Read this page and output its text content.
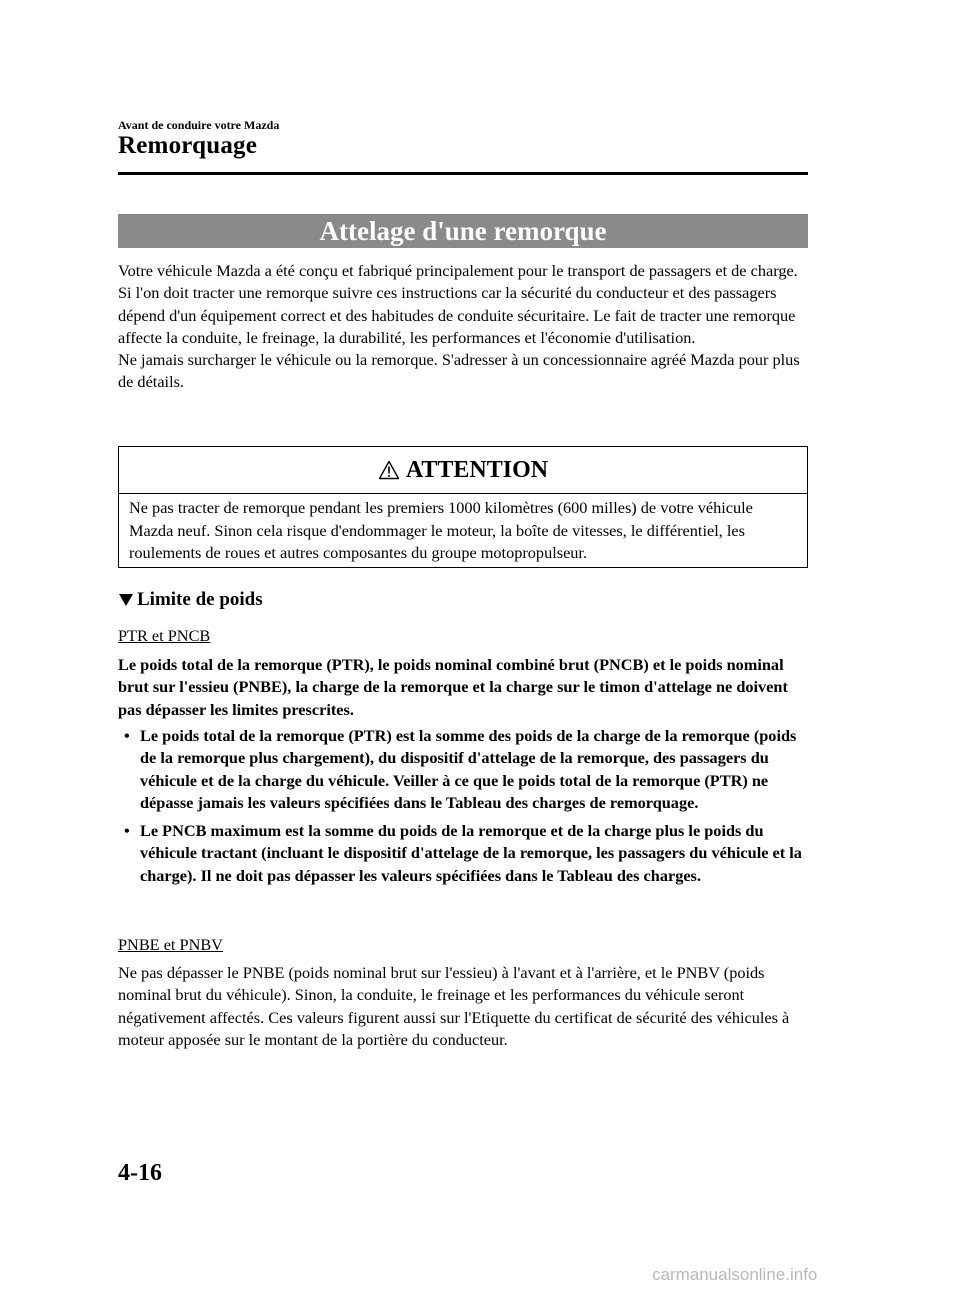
Avant de conduire votre Mazda
Remorquage
Attelage d'une remorque

Votre véhicule Mazda a été conçu et fabriqué principalement pour le transport de passagers et de charge.

Si l'on doit tracter une remorque suivre ces instructions car la sécurité du conducteur et des passagers dépend d'un équipement correct et des habitudes de conduite sécuritaire. Le fait de tracter une remorque affecte la conduite, le freinage, la durabilité, les performances et l'économie d'utilisation.

Ne jamais surcharger le véhicule ou la remorque. S'adresser à un concessionnaire agréé Mazda pour plus de détails.

ATTENTION
Ne pas tracter de remorque pendant les premiers 1000 kilomètres (600 milles) de votre véhicule Mazda neuf. Sinon cela risque d'endommager le moteur, la boîte de vitesses, le différentiel, les roulements de roues et autres composantes du groupe motopropulseur.
Limite de poids
PTR et PNCB
Le poids total de la remorque (PTR), le poids nominal combiné brut (PNCB) et le poids nominal brut sur l'essieu (PNBE), la charge de la remorque et la charge sur le timon d'attelage ne doivent pas dépasser les limites prescrites.
• Le poids total de la remorque (PTR) est la somme des poids de la charge de la remorque (poids de la remorque plus chargement), du dispositif d'attelage de la remorque, des passagers du véhicule et de la charge du véhicule. Veiller à ce que le poids total de la remorque (PTR) ne dépasse jamais les valeurs spécifiées dans le Tableau des charges de remorquage.
• Le PNCB maximum est la somme du poids de la remorque et de la charge plus le poids du véhicule tractant (incluant le dispositif d'attelage de la remorque, les passagers du véhicule et la charge). Il ne doit pas dépasser les valeurs spécifiées dans le Tableau des charges.
PNBE et PNBV
Ne pas dépasser le PNBE (poids nominal brut sur l'essieu) à l'avant et à l'arrière, et le PNBV (poids nominal brut du véhicule). Sinon, la conduite, le freinage et les performances du véhicule seront négativement affectés. Ces valeurs figurent aussi sur l'Etiquette du certificat de sécurité des véhicules à moteur apposée sur le montant de la portière du conducteur.
4-16
carmanualsonline.info
